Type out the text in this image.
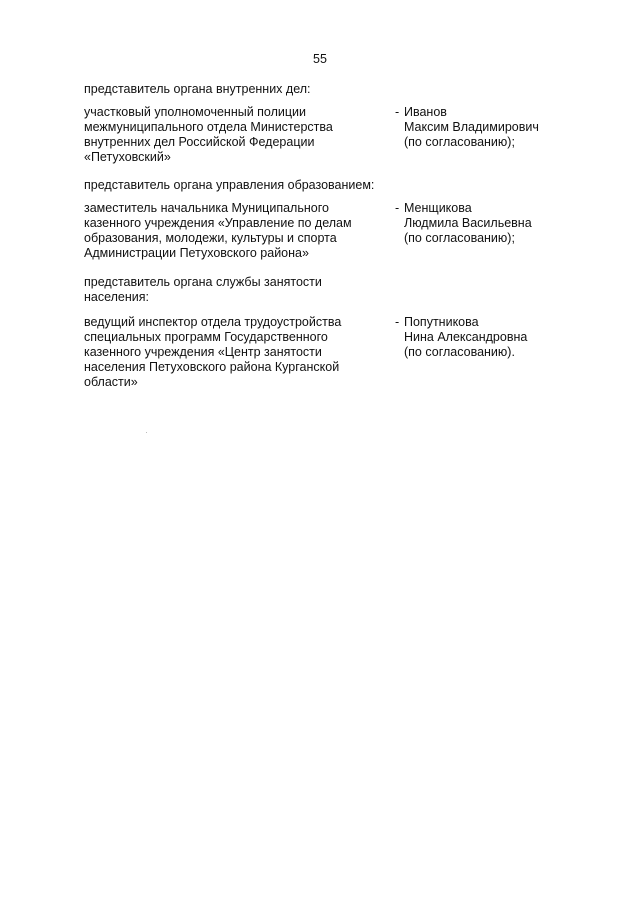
55
представитель органа внутренних дел:
участковый уполномоченный полиции
межмуниципального отдела Министерства
внутренних дел Российской Федерации
«Петуховский»
- Иванов
Максим Владимирович
(по согласованию);
представитель органа управления образованием:
заместитель начальника Муниципального
казенного учреждения «Управление по делам
образования, молодежи, культуры и спорта
Администрации Петуховского района»
- Менщикова
Людмила Васильевна
(по согласованию);
представитель органа службы занятости
населения:
ведущий инспектор отдела трудоустройства
специальных программ Государственного
казенного учреждения «Центр занятости
населения Петуховского района Курганской
области»
- Попутникова
Нина Александровна
(по согласованию).
